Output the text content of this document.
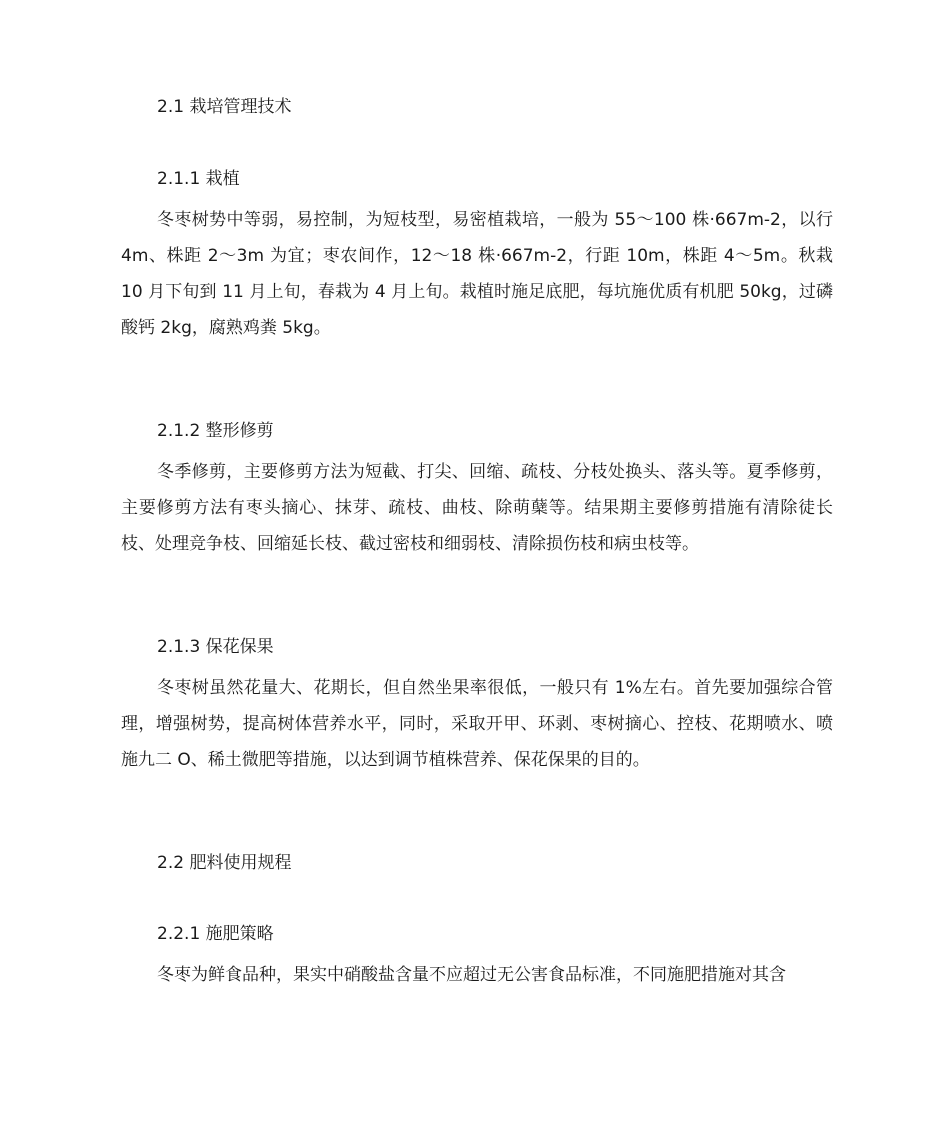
2.1 栽培管理技术
2.1.1 栽植

冬枣树势中等弱，易控制，为短枝型，易密植栽培，一般为 55～100 株·667m-2，以行 4m、株距 2～3m 为宜；枣农间作，12～18 株·667m-2，行距 10m，株距 4～5m。秋栽 10 月下旬到 11 月上旬，春栽为 4 月上旬。栽植时施足底肥，每坑施优质有机肥 50kg，过磷酸钙 2kg，腐熟鸡粪 5kg。

2.1.2 整形修剪

冬季修剪，主要修剪方法为短截、打尖、回缩、疏枝、分枝处换头、落头等。夏季修剪，主要修剪方法有枣头摘心、抹芽、疏枝、曲枝、除萌蘖等。结果期主要修剪措施有清除徒长枝、处理竞争枝、回缩延长枝、截过密枝和细弱枝、清除损伤枝和病虫枝等。

2.1.3 保花保果

冬枣树虽然花量大、花期长，但自然坐果率很低，一般只有 1%左右。首先要加强综合管理，增强树势，提高树体营养水平，同时，采取开甲、环剥、枣树摘心、控枝、花期喷水、喷施九二 O、稀土微肥等措施，以达到调节植株营养、保花保果的目的。

2.2 肥料使用规程
2.2.1 施肥策略

冬枣为鲜食品种，果实中硝酸盐含量不应超过无公害食品标准，不同施肥措施对其含
